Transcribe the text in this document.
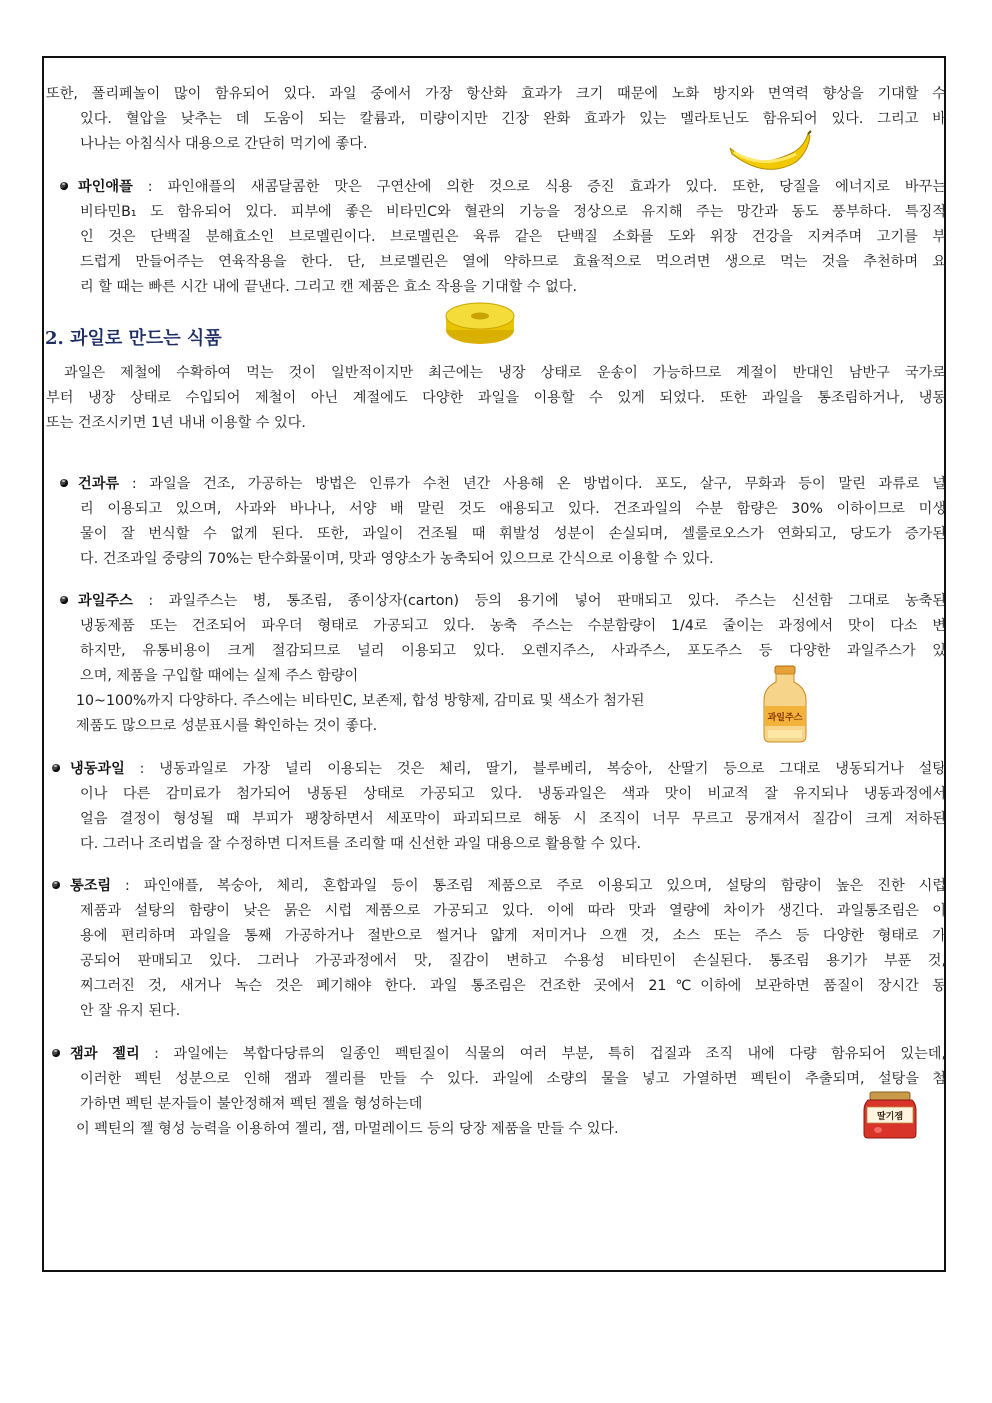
또한, 폴리페놀이 많이 함유되어 있다. 과일 중에서 가장 항산화 효과가 크기 때문에 노화 방지와 면역력 향상을 기대할 수

있다. 혈압을 낮추는 데 도움이 되는 칼륨과, 미량이지만 긴장 완화 효과가 있는 멜라토닌도 함유되어 있다. 그리고 바

나나는 아침식사 대용으로 간단히 먹기에 좋다.

파인애플 : 파인애플의 새콤달콤한 맛은 구연산에 의한 것으로 식용 증진 효과가 있다. 또한, 당질을 에너지로 바꾸는

비타민B₁ 도 함유되어 있다. 피부에 좋은 비타민C와 혈관의 기능을 정상으로 유지해 주는 망간과 동도 풍부하다. 특징적

인 것은 단백질 분해효소인 브로멜린이다. 브로멜린은 육류 같은 단백질 소화를 도와 위장 건강을 지켜주며 고기를 부

드럽게 만들어주는 연육작용을 한다. 단, 브로멜린은 열에 약하므로 효율적으로 먹으려면 생으로 먹는 것을 추천하며 요

리 할 때는 빠른 시간 내에 끝낸다. 그리고 캔 제품은 효소 작용을 기대할 수 없다.

2. 과일로 만드는 식품

과일은 제철에 수확하여 먹는 것이 일반적이지만 최근에는 냉장 상태로 운송이 가능하므로 계절이 반대인 남반구 국가로

부터 냉장 상태로 수입되어 제철이 아닌 계절에도 다양한 과일을 이용할 수 있게 되었다. 또한 과일을 통조림하거나, 냉동

또는 건조시키면 1년 내내 이용할 수 있다.

건과류 : 과일을 건조, 가공하는 방법은 인류가 수천 년간 사용해 온 방법이다. 포도, 살구, 무화과 등이 말린 과류로 널

리 이용되고 있으며, 사과와 바나나, 서양 배 말린 것도 애용되고 있다. 건조과일의 수분 함량은 30% 이하이므로 미생

물이 잘 번식할 수 없게 된다. 또한, 과일이 건조될 때 휘발성 성분이 손실되며, 셀룰로오스가 연화되고, 당도가 증가된

다. 건조과일 중량의 70%는 탄수화물이며, 맛과 영양소가 농축되어 있으므로 간식으로 이용할 수 있다.

과일주스 : 과일주스는 병, 통조림, 종이상자(carton) 등의 용기에 넣어 판매되고 있다. 주스는 신선함 그대로 농축된

냉동제품 또는 건조되어 파우더 형태로 가공되고 있다. 농축 주스는 수분함량이 1/4로 줄이는 과정에서 맛이 다소 변

하지만, 유통비용이 크게 절감되므로 널리 이용되고 있다. 오렌지주스, 사과주스, 포도주스 등 다양한 과일주스가 있

으며, 제품을 구입할 때에는 실제 주스 함량이

10~100%까지 다양하다. 주스에는 비타민C, 보존제, 합성 방향제, 감미료 및 색소가 첨가된

제품도 많으므로 성분표시를 확인하는 것이 좋다.	과일주스

냉동과일 : 냉동과일로 가장 널리 이용되는 것은 체리, 딸기, 블루베리, 복숭아, 산딸기 등으로 그대로 냉동되거나 설탕

이나 다른 감미료가 첨가되어 냉동된 상태로 가공되고 있다. 냉동과일은 색과 맛이 비교적 잘 유지되나 냉동과정에서

얼음 결정이 형성될 때 부피가 팽창하면서 세포막이 파괴되므로 해동 시 조직이 너무 무르고 뭉개져서 질감이 크게 저하된

다. 그러나 조리법을 잘 수정하면 디저트를 조리할 때 신선한 과일 대용으로 활용할 수 있다.

통조림 : 파인애플, 복숭아, 체리, 혼합과일 등이 통조림 제품으로 주로 이용되고 있으며, 설탕의 함량이 높은 진한 시럽

제품과 설탕의 함량이 낮은 묽은 시럽 제품으로 가공되고 있다. 이에 따라 맛과 열량에 차이가 생긴다. 과일통조림은 이

용에 편리하며 과일을 통째 가공하거나 절반으로 썰거나 얇게 저미거나 으깬 것, 소스 또는 주스 등 다양한 형태로 가

공되어 판매되고 있다. 그러나 가공과정에서 맛, 질감이 변하고 수용성 비타민이 손실된다. 통조림 용기가 부푼 것,

찌그러진 것, 새거나 녹슨 것은 폐기해야 한다. 과일 통조림은 건조한 곳에서 21℃이하에 보관하면 품질이 장시간 동

안 잘 유지 된다.

잼과 젤리 : 과일에는 복합다당류의 일종인 펙틴질이 식물의 여러 부분, 특히 겁질과 조직 내에 다량 함유되어 있는데,

이러한 펙틴 성분으로 인해 잼과 젤리를 만들 수 있다. 과일에 소량의 물을 넣고 가열하면 펙틴이 추출되며, 설탕을 첨

가하면 펙틴 분자들이 불안정해져 펙틴 젤을 형성하는데

이 펙틴의 젤 형성 능력을 이용하여 젤리, 잼, 마멀레이드 등의 당장 제품을 만들 수 있다.

딸기잼
